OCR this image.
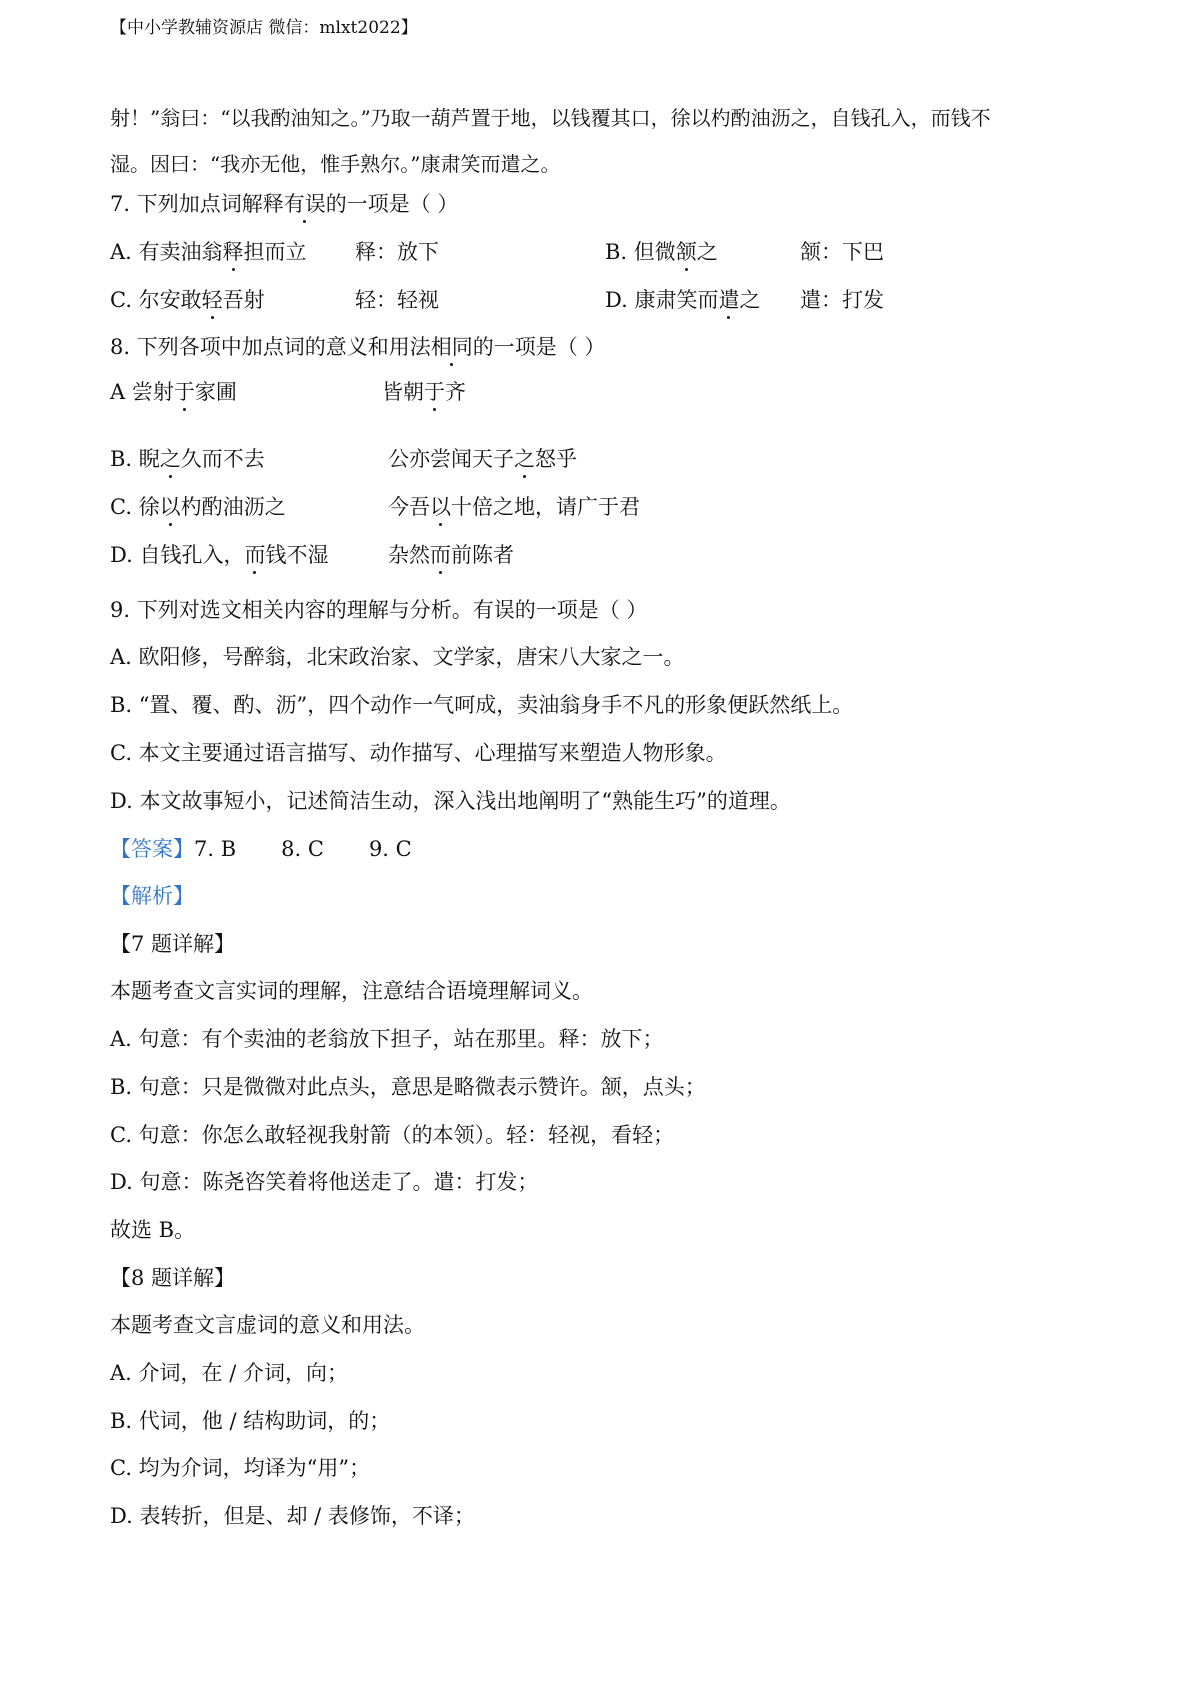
【中小学教辅资源店 微信：mlxt2022】
射！”翁曰：“以我酌油知之。”乃取一葫芦置于地，以钱覆其口，徐以杓酌油沥之，自钱孔入，而钱不
湿。因曰：“我亦无他，惟手熟尔。”康肃笑而遣之。
7. 下列加点词解释有误的一项是（ ）
A. 有卖油翁释担而立 释：放下	B. 但微颔之	颔：下巴
C. 尔安敢轻吾射	轻：轻视	D. 康肃笑而遣之 遣：打发
8. 下列各项中加点词的意义和用法相同的一项是（ ）
A 尝射于家圃	皆朝于齐
B. 睨之久而不去	公亦尝闻天子之怒乎
C. 徐以杓酌油沥之	今吾以十倍之地，请广于君
D. 自钱孔入，而钱不湿	杂然而前陈者
9. 下列对选文相关内容的理解与分析。有误的一项是（ ）
A. 欧阳修，号醉翁，北宋政治家、文学家，唐宋八大家之一。
B. “置、覆、酌、沥”，四个动作一气呵成，卖油翁身手不凡的形象便跃然纸上。
C. 本文主要通过语言描写、动作描写、心理描写来塑造人物形象。
D. 本文故事短小，记述简洁生动，深入浅出地阐明了“熟能生巧”的道理。
【答案】7. B 8. C 9. C
【解析】
【7 题详解】
本题考查文言实词的理解，注意结合语境理解词义。
A. 句意：有个卖油的老翁放下担子，站在那里。释：放下；
B. 句意：只是微微对此点头，意思是略微表示赞许。颔，点头；
C. 句意：你怎么敢轻视我射箭（的本领）。轻：轻视，看轻；
D. 句意：陈尧咨笑着将他送走了。遣：打发；
故选 B。
【8 题详解】
本题考查文言虚词的意义和用法。
A. 介词，在 / 介词，向；
B. 代词，他 / 结构助词，的；
C. 均为介词，均译为“用”；
D. 表转折，但是、却 / 表修饰，不译；
